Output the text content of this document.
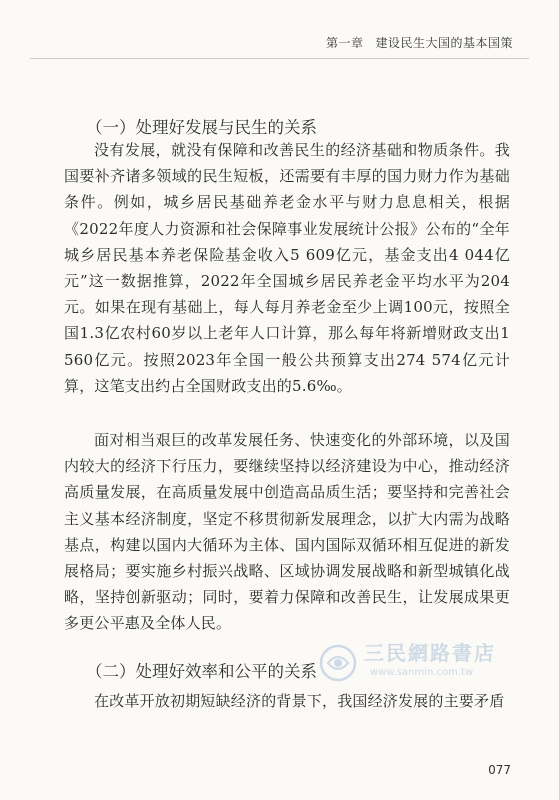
第一章 建设民生大国的基本国策
（一）处理好发展与民生的关系

没有发展，就没有保障和改善民生的经济基础和物质条件。我国要补齐诸多领域的民生短板，还需要有丰厚的国力财力作为基础条件。例如，城乡居民基础养老金水平与财力息息相关，根据《2022年度人力资源和社会保障事业发展统计公报》公布的“全年城乡居民基本养老保险基金收入5 609亿元，基金支出4 044亿元”这一数据推算，2022年全国城乡居民养老金平均水平为204元。如果在现有基础上，每人每月养老金至少上调100元，按照全国1.3亿农村60岁以上老年人口计算，那么每年将新增财政支出1 560亿元。按照2023年全国一般公共预算支出274 574亿元计算，这笔支出约占全国财政支出的5.6‰。

面对相当艰巨的改革发展任务、快速变化的外部环境，以及国内较大的经济下行压力，要继续坚持以经济建设为中心，推动经济高质量发展，在高质量发展中创造高品质生活；要坚持和完善社会主义基本经济制度，坚定不移贯彻新发展理念，以扩大内需为战略基点，构建以国内大循环为主体、国内国际双循环相互促进的新发展格局；要实施乡村振兴战略、区域协调发展战略和新型城镇化战略，坚持创新驱动；同时，要着力保障和改善民生，让发展成果更多更公平惠及全体人民。

（二）处理好效率和公平的关系

在改革开放初期短缺经济的背景下，我国经济发展的主要矛盾

三民網路書店
www.sanmin.com.tw
077
